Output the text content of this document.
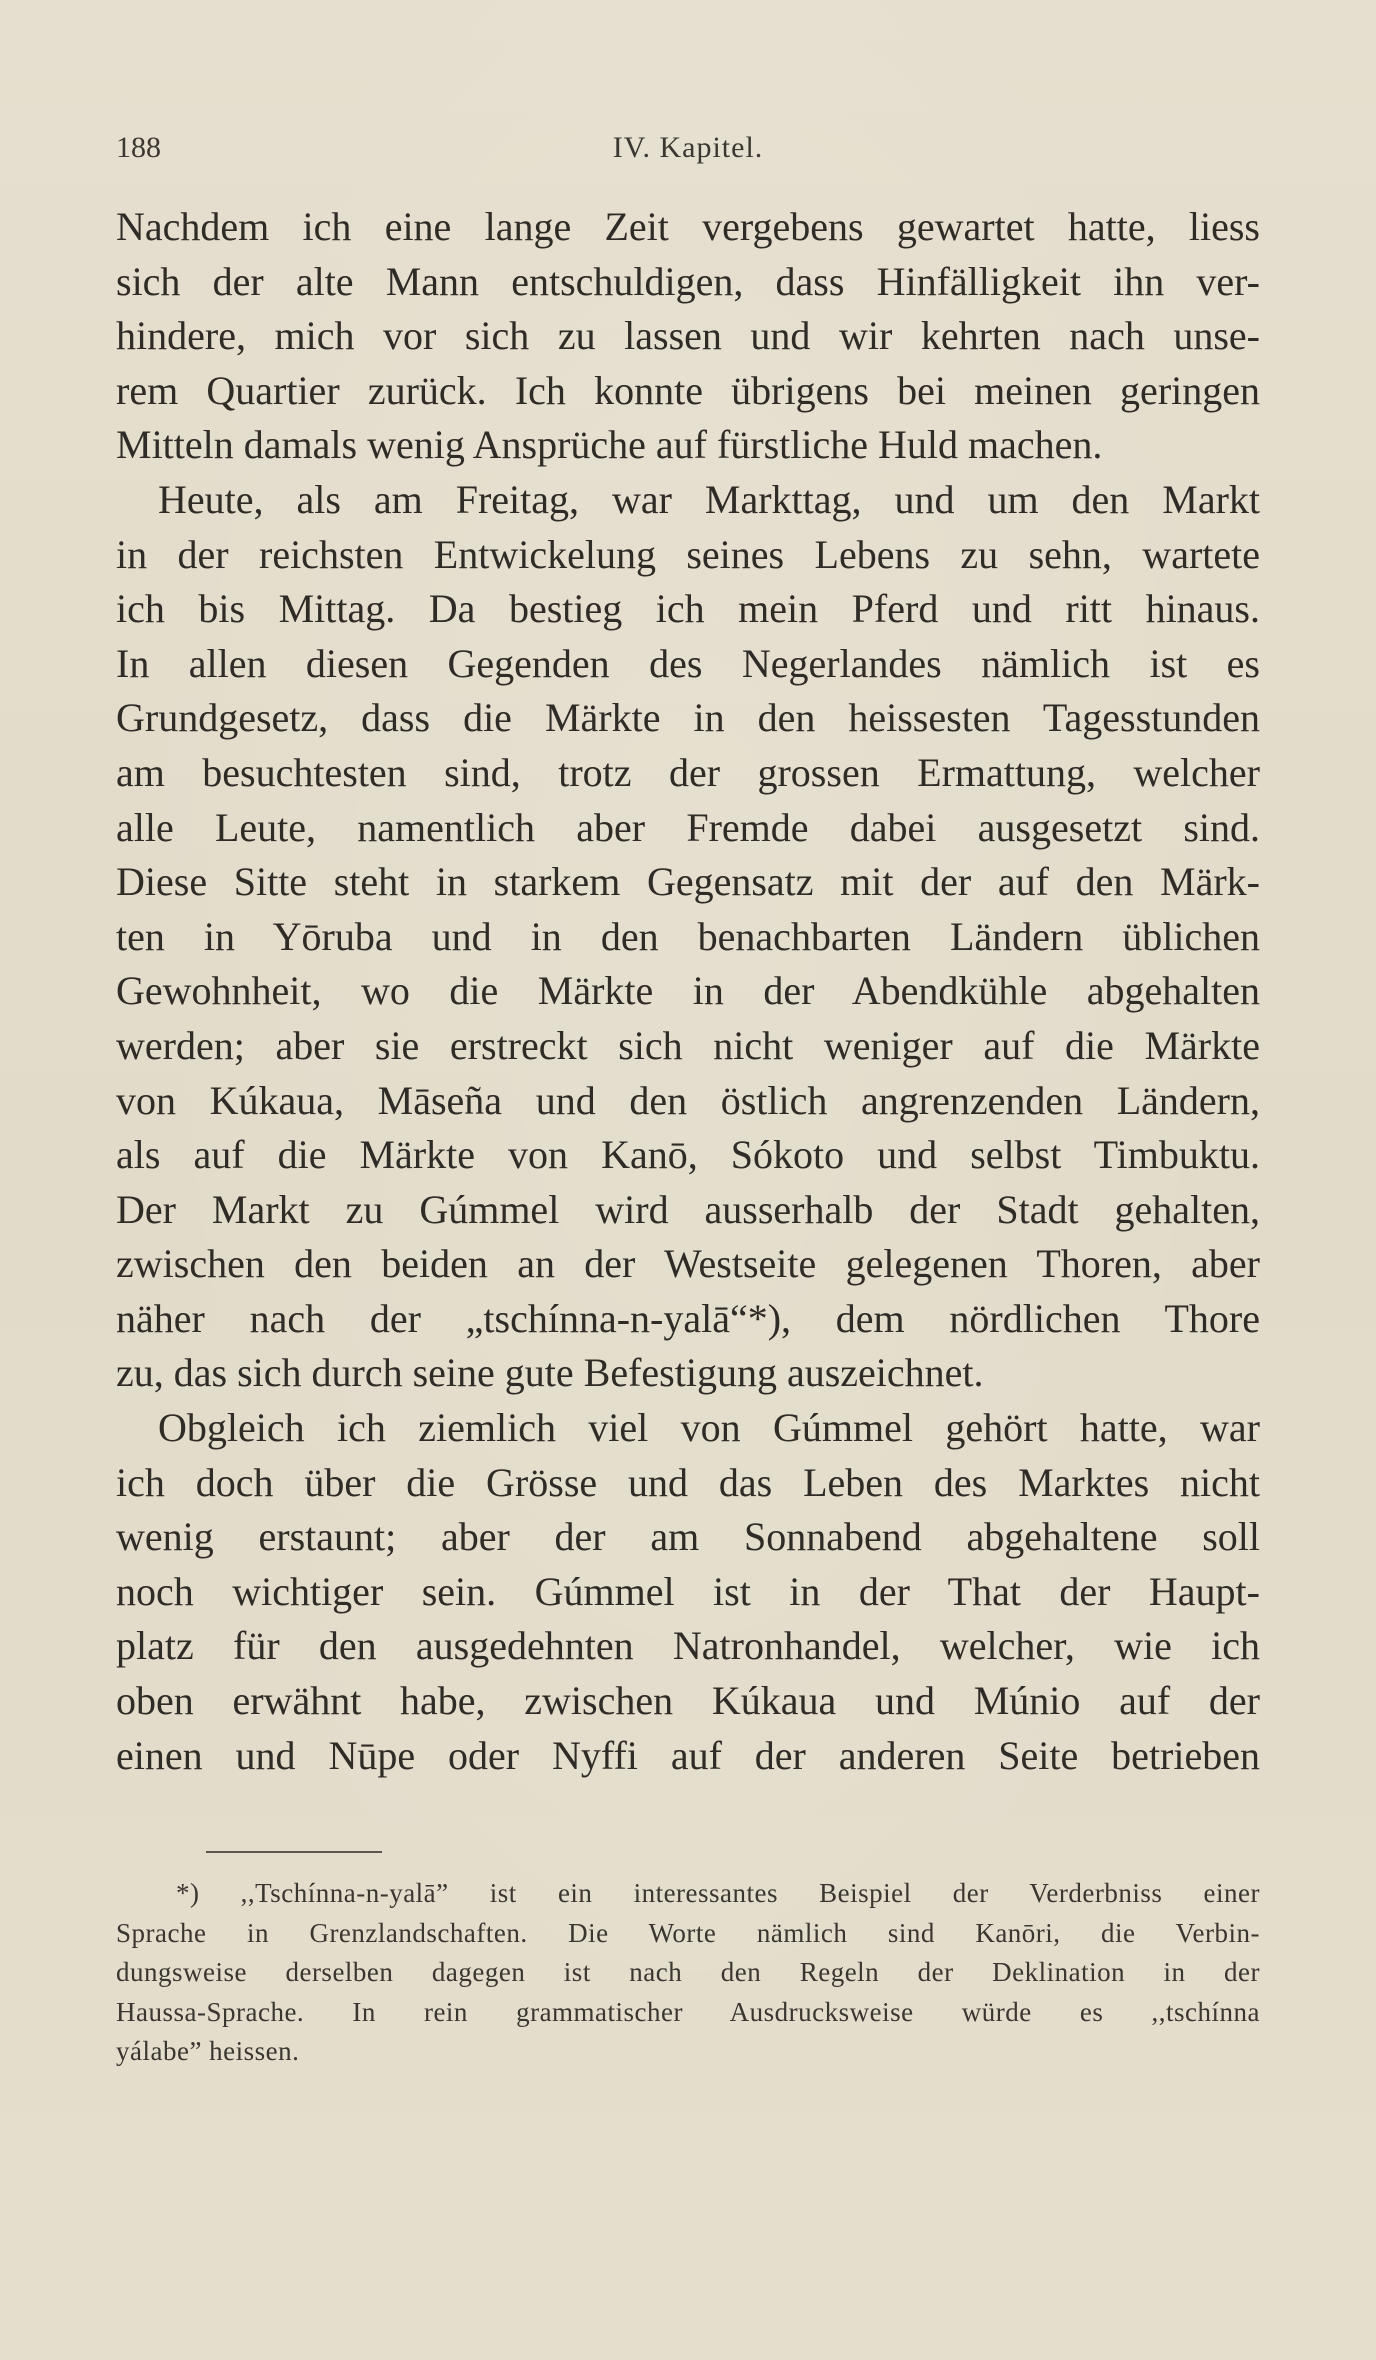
188	IV. Kapitel.
Nachdem ich eine lange Zeit vergebens gewartet hatte, liess
sich der alte Mann entschuldigen, dass Hinfälligkeit ihn ver-
hindere, mich vor sich zu lassen und wir kehrten nach unse-
rem Quartier zurück. Ich konnte übrigens bei meinen geringen
Mitteln damals wenig Ansprüche auf fürstliche Huld machen.
Heute, als am Freitag, war Markttag, und um den Markt
in der reichsten Entwickelung seines Lebens zu sehn, wartete
ich bis Mittag. Da bestieg ich mein Pferd und ritt hinaus.
In allen diesen Gegenden des Negerlandes nämlich ist es
Grundgesetz, dass die Märkte in den heissesten Tagesstunden
am besuchtesten sind, trotz der grossen Ermattung, welcher
alle Leute, namentlich aber Fremde dabei ausgesetzt sind.
Diese Sitte steht in starkem Gegensatz mit der auf den Märk-
ten in Yōruba und in den benachbarten Ländern üblichen
Gewohnheit, wo die Märkte in der Abendkühle abgehalten
werden; aber sie erstreckt sich nicht weniger auf die Märkte
von Kúkaua, Māseña und den östlich angrenzenden Ländern,
als auf die Märkte von Kanō, Sókoto und selbst Timbuktu.
Der Markt zu Gúmmel wird ausserhalb der Stadt gehalten,
zwischen den beiden an der Westseite gelegenen Thoren, aber
näher nach der „tschínna-n-yalā“*), dem nördlichen Thore
zu, das sich durch seine gute Befestigung auszeichnet.
Obgleich ich ziemlich viel von Gúmmel gehört hatte, war
ich doch über die Grösse und das Leben des Marktes nicht
wenig erstaunt; aber der am Sonnabend abgehaltene soll
noch wichtiger sein. Gúmmel ist in der That der Haupt-
platz für den ausgedehnten Natronhandel, welcher, wie ich
oben erwähnt habe, zwischen Kúkaua und Múnio auf der
einen und Nūpe oder Nyffi auf der anderen Seite betrieben
*) ,,Tschínna-n-yalā” ist ein interessantes Beispiel der Verderbniss einer
Sprache in Grenzlandschaften. Die Worte nämlich sind Kanōri, die Verbin-
dungsweise derselben dagegen ist nach den Regeln der Deklination in der
Haussa-Sprache. In rein grammatischer Ausdrucksweise würde es ,,tschínna
yálabe” heissen.
